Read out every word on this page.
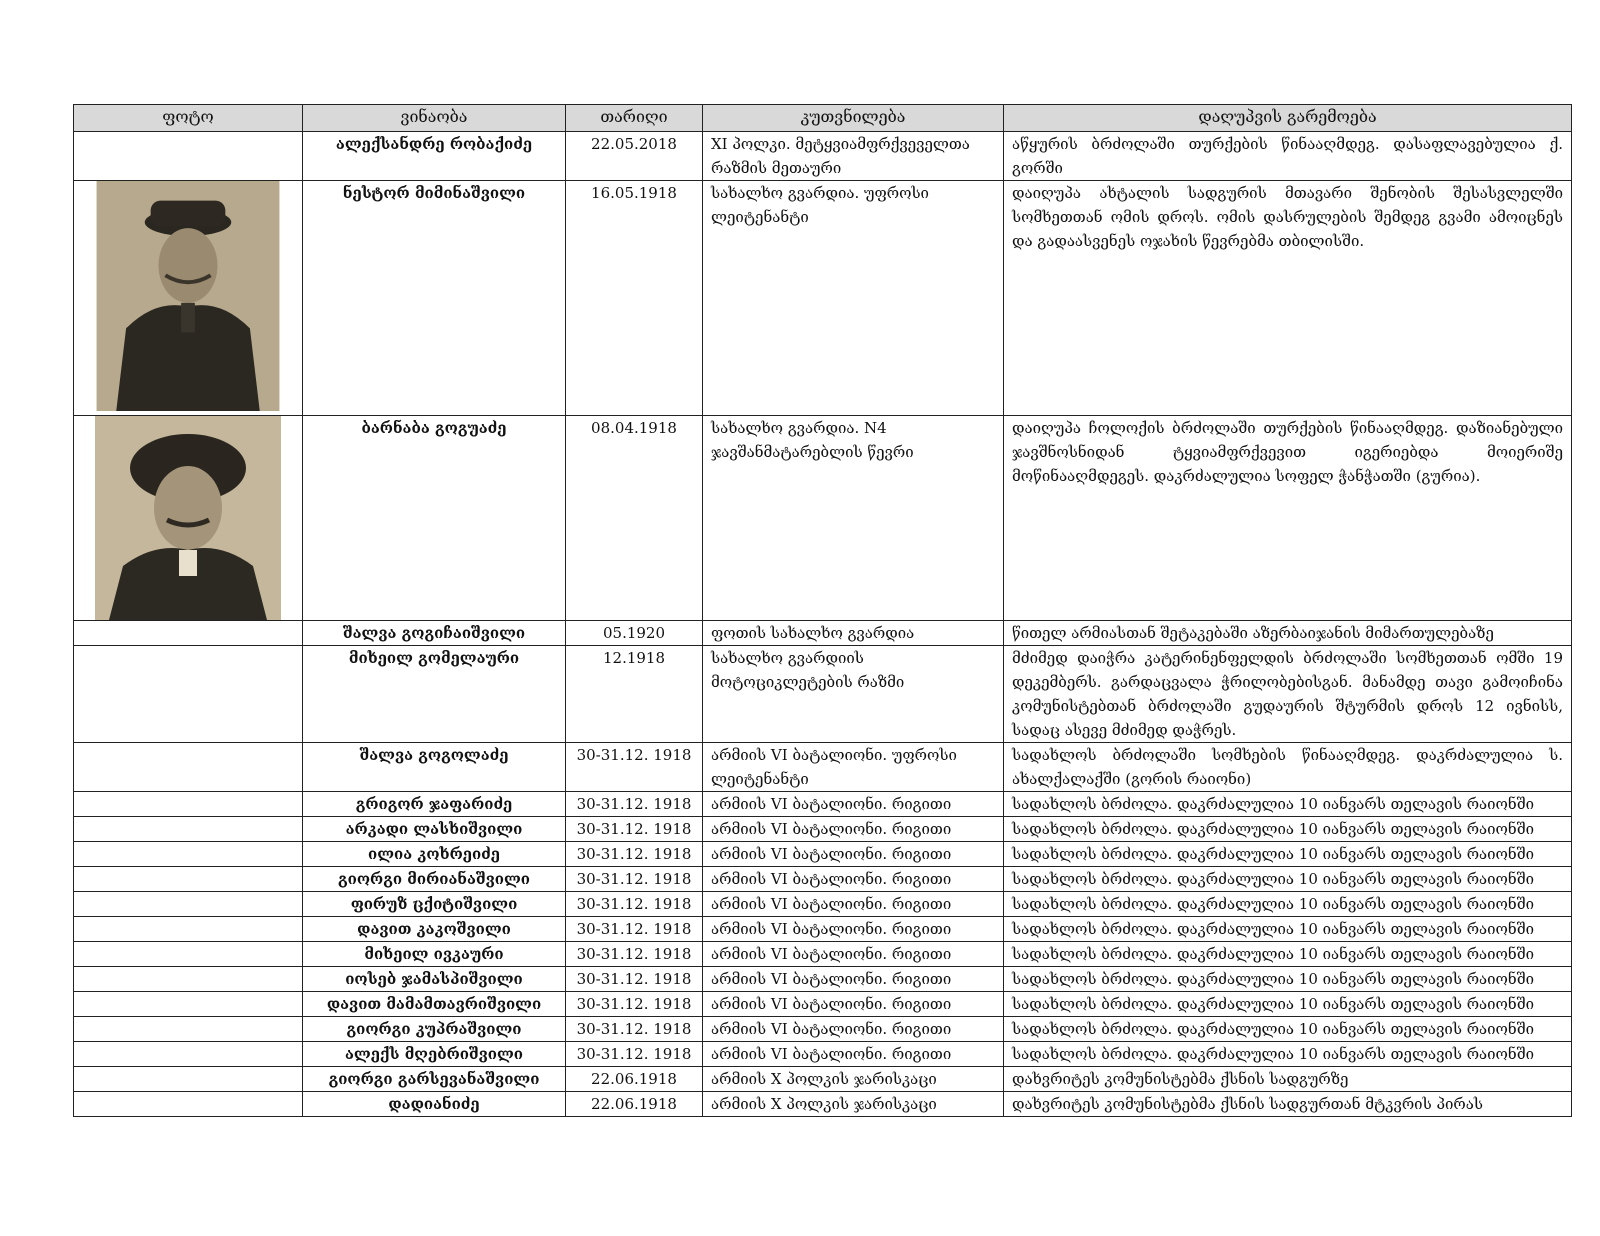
ფოტო	ვინაობა	თარიღი	კუთვნილება	დაღუპვის გარემოება
	ალექსანდრე რობაქიძე	22.05.2018	XI პოლკი. მეტყვიამფრქვეველთა რაზმის მეთაური	აწყურის ბრძოლაში თურქების წინააღმდეგ. დასაფლავებულია ქ. გორში

	ნესტორ მიმინაშვილი	16.05.1918	სახალხო გვარდია. უფროსი ლეიტენანტი	დაიღუპა ახტალის სადგურის მთავარი შენობის შესასვლელში სომხეთთან ომის დროს. ომის დასრულების შემდეგ გვამი ამოიცნეს და გადაასვენეს ოჯახის წევრებმა თბილისში.

	ბარნაბა გოგუაძე	08.04.1918	სახალხო გვარდია. N4 ჯავშანმატარებლის წევრი	დაიღუპა ჩოლოქის ბრძოლაში თურქების წინააღმდეგ. დაზიანებული ჯავშნოსნიდან ტყვიამფრქვევით იგერიებდა მოიერიშე მოწინააღმდეგეს. დაკრძალულია სოფელ ჭანჭათში (გურია).
	შალვა გოგიჩაიშვილი	05.1920	ფოთის სახალხო გვარდია	წითელ არმიასთან შეტაკებაში აზერბაიჯანის მიმართულებაზე
	მიხეილ გომელაური	12.1918	სახალხო გვარდიის მოტოციკლეტების რაზმი	მძიმედ დაიჭრა კატერინენფელდის ბრძოლაში სომხეთთან ომში 19 დეკემბერს. გარდაცვალა ჭრილობებისგან. მანამდე თავი გამოიჩინა კომუნისტებთან ბრძოლაში გუდაურის შტურმის დროს 12 ივნისს, სადაც ასევე მძიმედ დაჭრეს.
	შალვა გოგოლაძე	30-31.12. 1918	არმიის VI ბატალიონი. უფროსი ლეიტენანტი	სადახლოს ბრძოლაში სომხების წინააღმდეგ. დაკრძალულია ს. ახალქალაქში (გორის რაიონი)
	გრიგორ ჯაფარიძე	30-31.12. 1918	არმიის VI ბატალიონი. რიგითი	სადახლოს ბრძოლა. დაკრძალულია 10 იანვარს თელავის რაიონში
	არკადი ლასხიშვილი	30-31.12. 1918	არმიის VI ბატალიონი. რიგითი	სადახლოს ბრძოლა. დაკრძალულია 10 იანვარს თელავის რაიონში
	ილია კოხრეიძე	30-31.12. 1918	არმიის VI ბატალიონი. რიგითი	სადახლოს ბრძოლა. დაკრძალულია 10 იანვარს თელავის რაიონში
	გიორგი მირიანაშვილი	30-31.12. 1918	არმიის VI ბატალიონი. რიგითი	სადახლოს ბრძოლა. დაკრძალულია 10 იანვარს თელავის რაიონში
	ფირუზ ცქიტიშვილი	30-31.12. 1918	არმიის VI ბატალიონი. რიგითი	სადახლოს ბრძოლა. დაკრძალულია 10 იანვარს თელავის რაიონში
	დავით კაკოშვილი	30-31.12. 1918	არმიის VI ბატალიონი. რიგითი	სადახლოს ბრძოლა. დაკრძალულია 10 იანვარს თელავის რაიონში
	მიხეილ ივკაური	30-31.12. 1918	არმიის VI ბატალიონი. რიგითი	სადახლოს ბრძოლა. დაკრძალულია 10 იანვარს თელავის რაიონში
	იოსებ ჯამასპიშვილი	30-31.12. 1918	არმიის VI ბატალიონი. რიგითი	სადახლოს ბრძოლა. დაკრძალულია 10 იანვარს თელავის რაიონში
	დავით მამამთავრიშვილი	30-31.12. 1918	არმიის VI ბატალიონი. რიგითი	სადახლოს ბრძოლა. დაკრძალულია 10 იანვარს თელავის რაიონში
	გიორგი კუპრაშვილი	30-31.12. 1918	არმიის VI ბატალიონი. რიგითი	სადახლოს ბრძოლა. დაკრძალულია 10 იანვარს თელავის რაიონში
	ალექს მღებრიშვილი	30-31.12. 1918	არმიის VI ბატალიონი. რიგითი	სადახლოს ბრძოლა. დაკრძალულია 10 იანვარს თელავის რაიონში
	გიორგი გარსევანაშვილი	22.06.1918	არმიის X პოლკის ჯარისკაცი	დახვრიტეს კომუნისტებმა ქსნის სადგურზე
	დადიანიძე	22.06.1918	არმიის X პოლკის ჯარისკაცი	დახვრიტეს კომუნისტებმა ქსნის სადგურთან მტკვრის პირას
